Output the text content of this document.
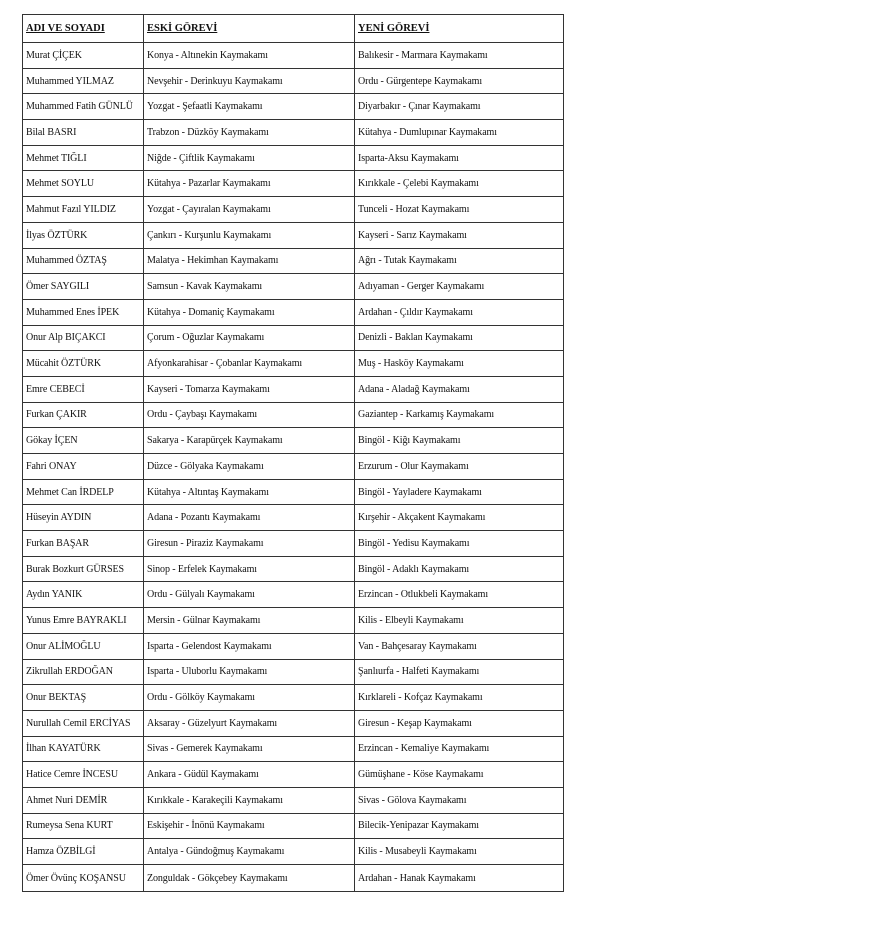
ADI VE SOYADI	ESKİ GÖREVİ	YENİ GÖREVİ
Murat ÇİÇEK	Konya - Altınekin Kaymakamı	Balıkesir - Marmara Kaymakamı
Muhammed YILMAZ	Nevşehir - Derinkuyu Kaymakamı	Ordu - Gürgentepe Kaymakamı
Muhammed Fatih GÜNLÜ	Yozgat - Şefaatli Kaymakamı	Diyarbakır - Çınar Kaymakamı
Bilal BASRI	Trabzon - Düzköy Kaymakamı	Kütahya - Dumlupınar Kaymakamı
Mehmet TIĞLI	Niğde - Çiftlik Kaymakamı	Isparta-Aksu Kaymakamı
Mehmet SOYLU	Kütahya - Pazarlar Kaymakamı	Kırıkkale - Çelebi Kaymakamı
Mahmut Fazıl YILDIZ	Yozgat - Çayıralan Kaymakamı	Tunceli - Hozat Kaymakamı
İlyas ÖZTÜRK	Çankırı - Kurşunlu Kaymakamı	Kayseri - Sarız Kaymakamı
Muhammed ÖZTAŞ	Malatya - Hekimhan Kaymakamı	Ağrı - Tutak Kaymakamı
Ömer SAYGILI	Samsun - Kavak Kaymakamı	Adıyaman - Gerger Kaymakamı
Muhammed Enes İPEK	Kütahya - Domaniç Kaymakamı	Ardahan - Çıldır Kaymakamı
Onur Alp BIÇAKCI	Çorum - Oğuzlar Kaymakamı	Denizli - Baklan Kaymakamı
Mücahit ÖZTÜRK	Afyonkarahisar - Çobanlar Kaymakamı	Muş - Hasköy Kaymakamı
Emre CEBECİ	Kayseri - Tomarza Kaymakamı	Adana - Aladağ Kaymakamı
Furkan ÇAKIR	Ordu - Çaybaşı Kaymakamı	Gaziantep - Karkamış Kaymakamı
Gökay İÇEN	Sakarya - Karapürçek Kaymakamı	Bingöl - Kiğı Kaymakamı
Fahri ONAY	Düzce - Gölyaka Kaymakamı	Erzurum - Olur Kaymakamı
Mehmet Can İRDELP	Kütahya - Altıntaş Kaymakamı	Bingöl - Yayladere Kaymakamı
Hüseyin AYDIN	Adana - Pozantı Kaymakamı	Kırşehir - Akçakent Kaymakamı
Furkan BAŞAR	Giresun - Piraziz Kaymakamı	Bingöl - Yedisu Kaymakamı
Burak Bozkurt GÜRSES	Sinop - Erfelek Kaymakamı	Bingöl - Adaklı Kaymakamı
Aydın YANIK	Ordu - Gülyalı Kaymakamı	Erzincan - Otlukbeli Kaymakamı
Yunus Emre BAYRAKLI	Mersin - Gülnar Kaymakamı	Kilis - Elbeyli Kaymakamı
Onur ALİMOĞLU	Isparta - Gelendost Kaymakamı	Van - Bahçesaray Kaymakamı
Zikrullah ERDOĞAN	Isparta - Uluborlu Kaymakamı	Şanlıurfa - Halfeti Kaymakamı
Onur BEKTAŞ	Ordu - Gölköy Kaymakamı	Kırklareli - Kofçaz Kaymakamı
Nurullah Cemil ERCİYAS	Aksaray - Güzelyurt Kaymakamı	Giresun - Keşap Kaymakamı
İlhan KAYATÜRK	Sivas - Gemerek Kaymakamı	Erzincan - Kemaliye Kaymakamı
Hatice Cemre İNCESU	Ankara - Güdül Kaymakamı	Gümüşhane - Köse Kaymakamı
Ahmet Nuri DEMİR	Kırıkkale - Karakeçili Kaymakamı	Sivas - Gölova Kaymakamı
Rumeysa Sena KURT	Eskişehir - İnönü Kaymakamı	Bilecik-Yenipazar Kaymakamı
Hamza ÖZBİLGİ	Antalya - Gündoğmuş Kaymakamı	Kilis - Musabeyli Kaymakamı
Ömer Övünç KOŞANSU	Zonguldak - Gökçebey Kaymakamı	Ardahan - Hanak Kaymakamı
